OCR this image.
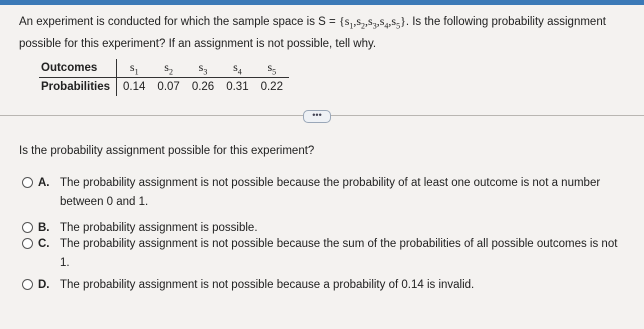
An experiment is conducted for which the sample space is $S = \{s_1,s_2,s_3,s_4,s_5\}$. Is the following probability assignment possible for this experiment? If an assignment is not possible, tell why.
Outcomes	$s_1$	$s_2$	$s_3$	$s_4$	$s_5$
Probabilities	0.14	0.07	0.26	0.31	0.22
•••
Is the probability assignment possible for this experiment?
A. The probability assignment is not possible because the probability of at least one outcome is not a number between 0 and 1.
B. The probability assignment is possible.
C. The probability assignment is not possible because the sum of the probabilities of all possible outcomes is not 1.
D. The probability assignment is not possible because a probability of 0.14 is invalid.
